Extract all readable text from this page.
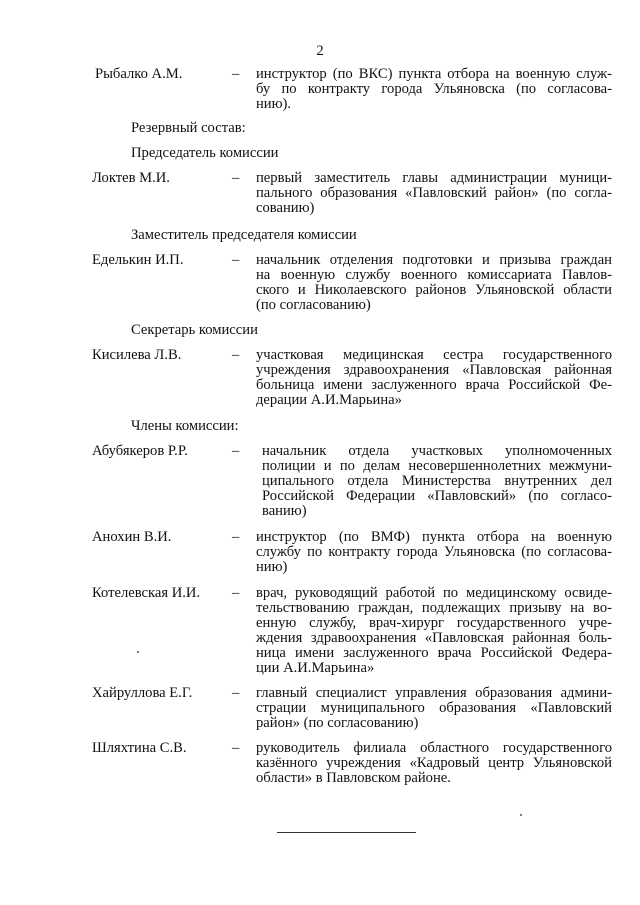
2
Рыбалко А.М.	– инструктор (по ВКС) пункта отбора на военную служ-
бу по контракту города Ульяновска (по согласова-
нию).
Резервный состав:
Председатель комиссии
Локтев М.И.	– первый заместитель главы администрации муници-
пального образования «Павловский район» (по согла-
сованию)
Заместитель председателя комиссии
Еделькин И.П.	– начальник отделения подготовки и призыва граждан
на военную службу военного комиссариата Павлов-
ского и Николаевского районов Ульяновской области
(по согласованию)
Секретарь комиссии
Кисилева Л.В.	– участковая медицинская сестра государственного
учреждения здравоохранения «Павловская районная
больница имени заслуженного врача Российской Фе-
дерации А.И.Марьина»
Члены комиссии:
Абубякеров Р.Р.	– начальник отдела участковых уполномоченных
полиции и по делам несовершеннолетних межмуни-
ципального отдела Министерства внутренних дел
Российской Федерации «Павловский» (по согласо-
ванию)
Анохин В.И.	– инструктор (по ВМФ) пункта отбора на военную
службу по контракту города Ульяновска (по согласова-
нию)
Котелевская И.И. – врач, руководящий работой по медицинскому освиде-
тельствованию граждан, подлежащих призыву на во-
енную службу, врач-хирург государственного учре-
ждения здравоохранения «Павловская районная боль-
ница имени заслуженного врача Российской Федера-
ции А.И.Марьина»
Хайруллова Е.Г.	– главный специалист управления образования админи-
страции муниципального образования «Павловский
район» (по согласованию)
Шляхтина С.В.	– руководитель филиала областного государственного
казённого учреждения «Кадровый центр Ульяновской
области» в Павловском районе.
